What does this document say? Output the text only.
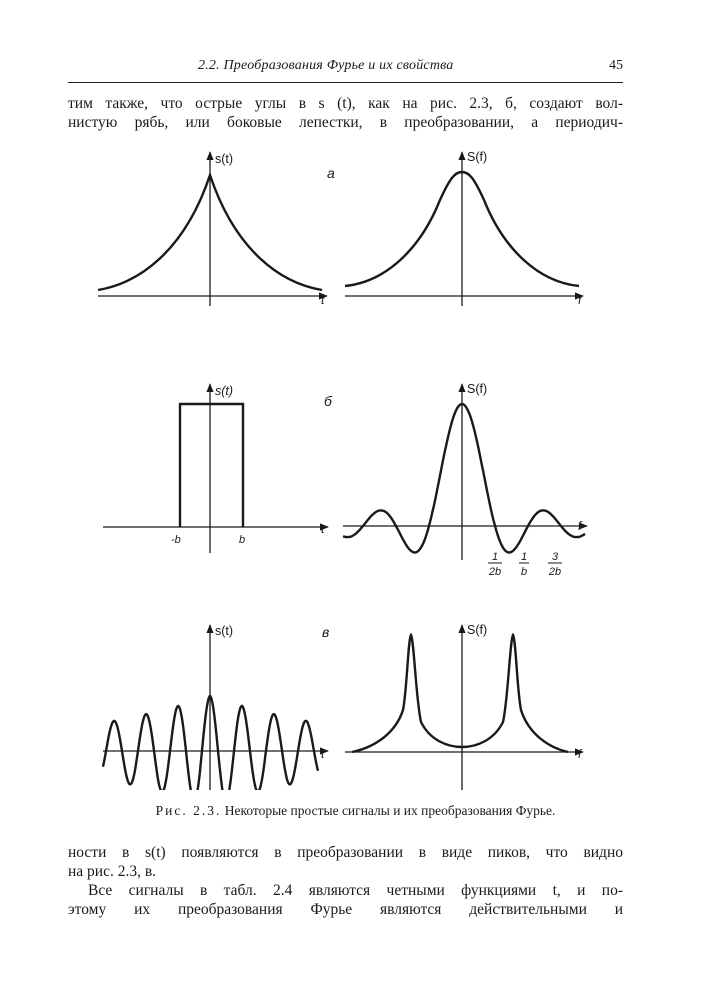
2.2. Преобразования Фурье и их свойства	45
тим также, что острые углы в s (t), как на рис. 2.3, б, создают вол-
нистую рябь, или боковые лепестки, в преобразовании, а периодич-
а
б
в
s(t)	S(f)
s(t)	S(f)
s(t)	S(f)
t	f
t	f
t	f
-b	b
1
2b
1
b
3
2b
Рис. 2.3. Некоторые простые сигналы и их преобразования Фурье.
ности в s(t) появляются в преобразовании в виде пиков, что видно
на рис. 2.3, в.
Все сигналы в табл. 2.4 являются четными функциями t, и по-
этому их преобразования Фурье являются действительными и
